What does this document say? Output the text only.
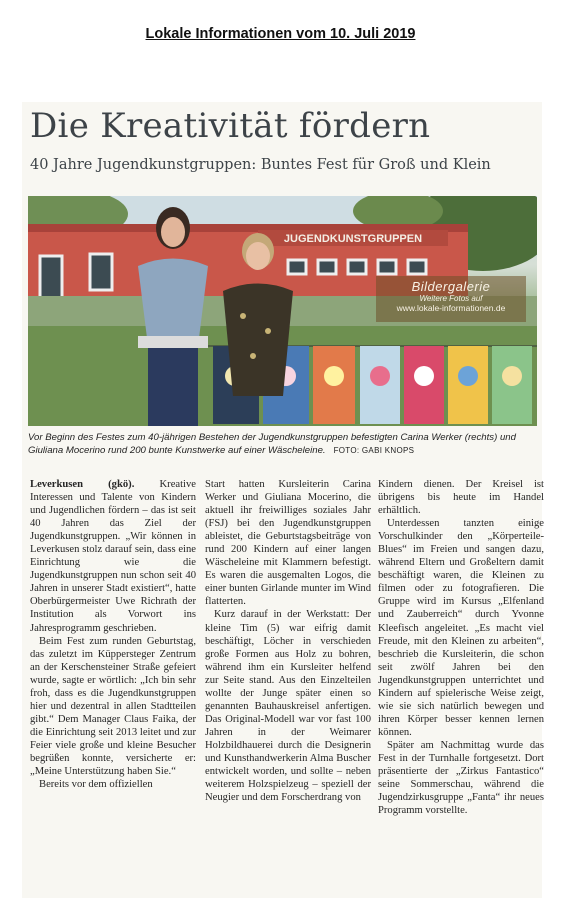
Lokale Informationen vom 10. Juli 2019
Die Kreativität fördern
40 Jahre Jugendkunstgruppen: Buntes Fest für Groß und Klein
JUGENDKUNSTGRUPPEN
Bildergalerie
Weitere Fotos auf
www.lokale-informationen.de
Vor Beginn des Festes zum 40-jährigen Bestehen der Jugendkunstgruppen befestigten Carina Werker (rechts) und Giuliana Mocerino rund 200 bunte Kunstwerke auf einer Wäscheleine. FOTO: GABI KNOPS

Leverkusen (gkö). Kreative Interessen und Talente von Kindern und Jugendlichen fördern – das ist seit 40 Jahren das Ziel der Jugendkunstgruppen. „Wir können in Leverkusen stolz darauf sein, dass eine Einrichtung wie die Jugendkunstgruppen nun schon seit 40 Jahren in unserer Stadt existiert“, hatte Oberbürgermeister Uwe Richrath der Institution als Vorwort ins Jahresprogramm geschrieben.

Beim Fest zum runden Geburtstag, das zuletzt im Küppersteger Zentrum an der Kerschensteiner Straße gefeiert wurde, sagte er wörtlich: „Ich bin sehr froh, dass es die Jugendkunstgruppen hier und dezentral in allen Stadtteilen gibt.“ Dem Manager Claus Faika, der die Einrichtung seit 2013 leitet und zur Feier viele große und kleine Besucher begrüßen konnte, versicherte er: „Meine Unterstützung haben Sie.“

Bereits vor dem offiziellen

Start hatten Kursleiterin Carina Werker und Giuliana Mocerino, die aktuell ihr freiwilliges soziales Jahr (FSJ) bei den Jugendkunstgruppen ableistet, die Geburtstagsbeiträge von rund 200 Kindern auf einer langen Wäscheleine mit Klammern befestigt. Es waren die ausgemalten Logos, die einer bunten Girlande munter im Wind flatterten.

Kurz darauf in der Werkstatt: Der kleine Tim (5) war eifrig damit beschäftigt, Löcher in verschieden große Formen aus Holz zu bohren, während ihm ein Kursleiter helfend zur Seite stand. Aus den Einzelteilen wollte der Junge später einen so genannten Bauhauskreisel anfertigen. Das Original-Modell war vor fast 100 Jahren in der Weimarer Holzbildhauerei durch die Designerin und Kunsthandwerkerin Alma Buscher entwickelt worden, und sollte – neben weiterem Holzspielzeug – speziell der Neugier und dem Forscherdrang von

Kindern dienen. Der Kreisel ist übrigens bis heute im Handel erhältlich.

Unterdessen tanzten einige Vorschulkinder den „Körperteile-Blues“ im Freien und sangen dazu, während Eltern und Großeltern damit beschäftigt waren, die Kleinen zu filmen oder zu fotografieren. Die Gruppe wird im Kursus „Elfenland und Zauberreich“ durch Yvonne Kleefisch angeleitet. „Es macht viel Freude, mit den Kleinen zu arbeiten“, beschrieb die Kursleiterin, die schon seit zwölf Jahren bei den Jugendkunstgruppen unterrichtet und Kindern auf spielerische Weise zeigt, wie sie sich natürlich bewegen und ihren Körper besser kennen lernen können.

Später am Nachmittag wurde das Fest in der Turnhalle fortgesetzt. Dort präsentierte der „Zirkus Fantastico“ seine Sommerschau, während die Jugendzirkusgruppe „Fanta“ ihr neues Programm vorstellte.
